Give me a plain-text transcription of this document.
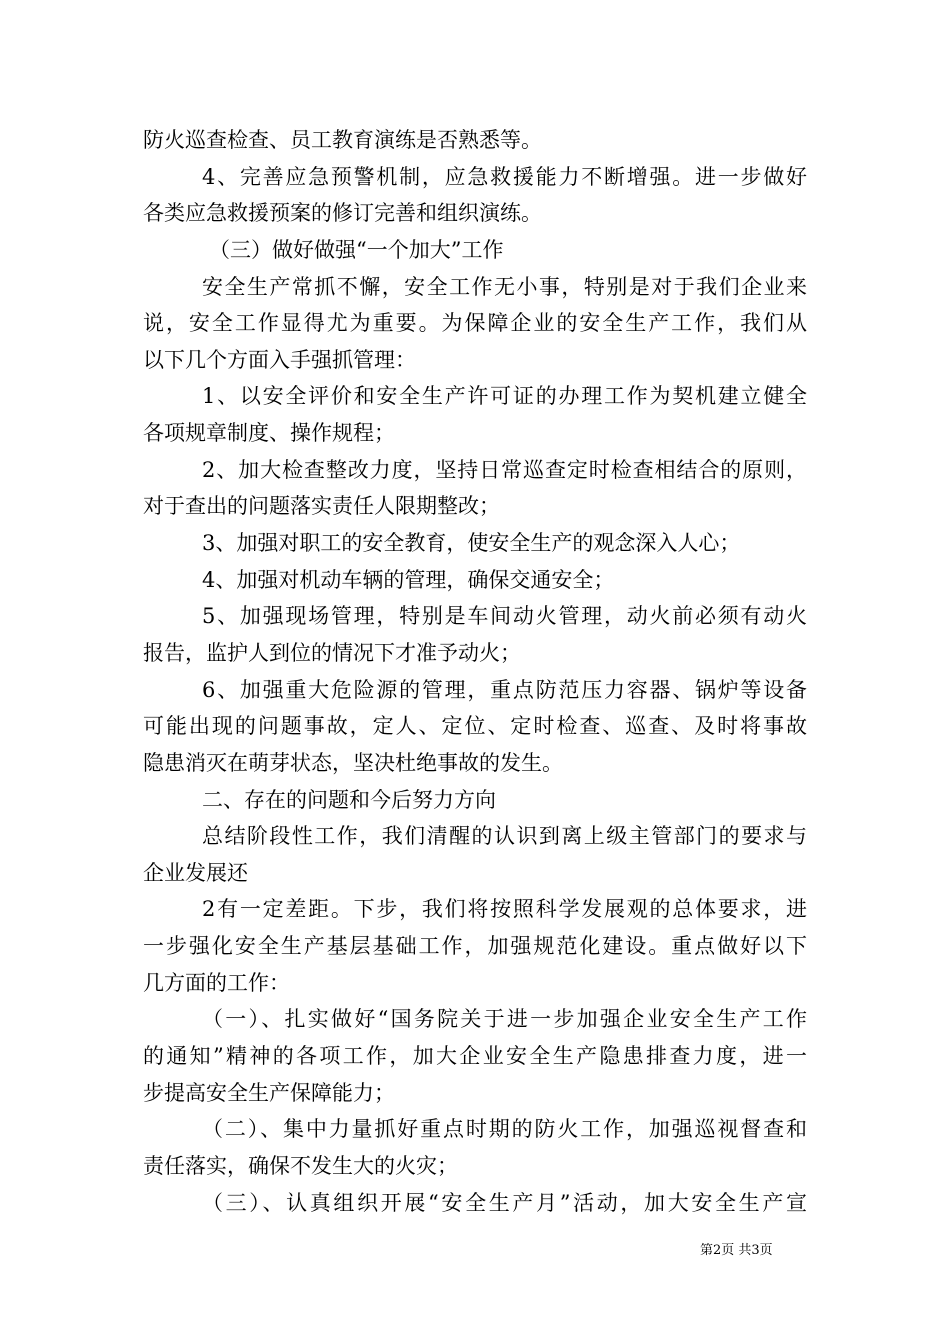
防火巡查检查、员工教育演练是否熟悉等。
4、完善应急预警机制，应急救援能力不断增强。进一步做好
各类应急救援预案的修订完善和组织演练。
（三）做好做强“一个加大”工作
安全生产常抓不懈，安全工作无小事，特别是对于我们企业来
说，安全工作显得尤为重要。为保障企业的安全生产工作，我们从
以下几个方面入手强抓管理：
1、以安全评价和安全生产许可证的办理工作为契机建立健全
各项规章制度、操作规程；
2、加大检查整改力度，坚持日常巡查定时检查相结合的原则，
对于查出的问题落实责任人限期整改；
3、加强对职工的安全教育，使安全生产的观念深入人心；
4、加强对机动车辆的管理，确保交通安全；
5、加强现场管理，特别是车间动火管理，动火前必须有动火
报告，监护人到位的情况下才准予动火；
6、加强重大危险源的管理，重点防范压力容器、锅炉等设备
可能出现的问题事故，定人、定位、定时检查、巡查、及时将事故
隐患消灭在萌芽状态，坚决杜绝事故的发生。
二、存在的问题和今后努力方向
总结阶段性工作，我们清醒的认识到离上级主管部门的要求与
企业发展还
2有一定差距。下步，我们将按照科学发展观的总体要求，进
一步强化安全生产基层基础工作，加强规范化建设。重点做好以下
几方面的工作：
（一）、扎实做好“国务院关于进一步加强企业安全生产工作
的通知”精神的各项工作，加大企业安全生产隐患排查力度，进一
步提高安全生产保障能力；
（二）、集中力量抓好重点时期的防火工作，加强巡视督查和
责任落实，确保不发生大的火灾；
（三）、认真组织开展“安全生产月”活动，加大安全生产宣
第2页 共3页
